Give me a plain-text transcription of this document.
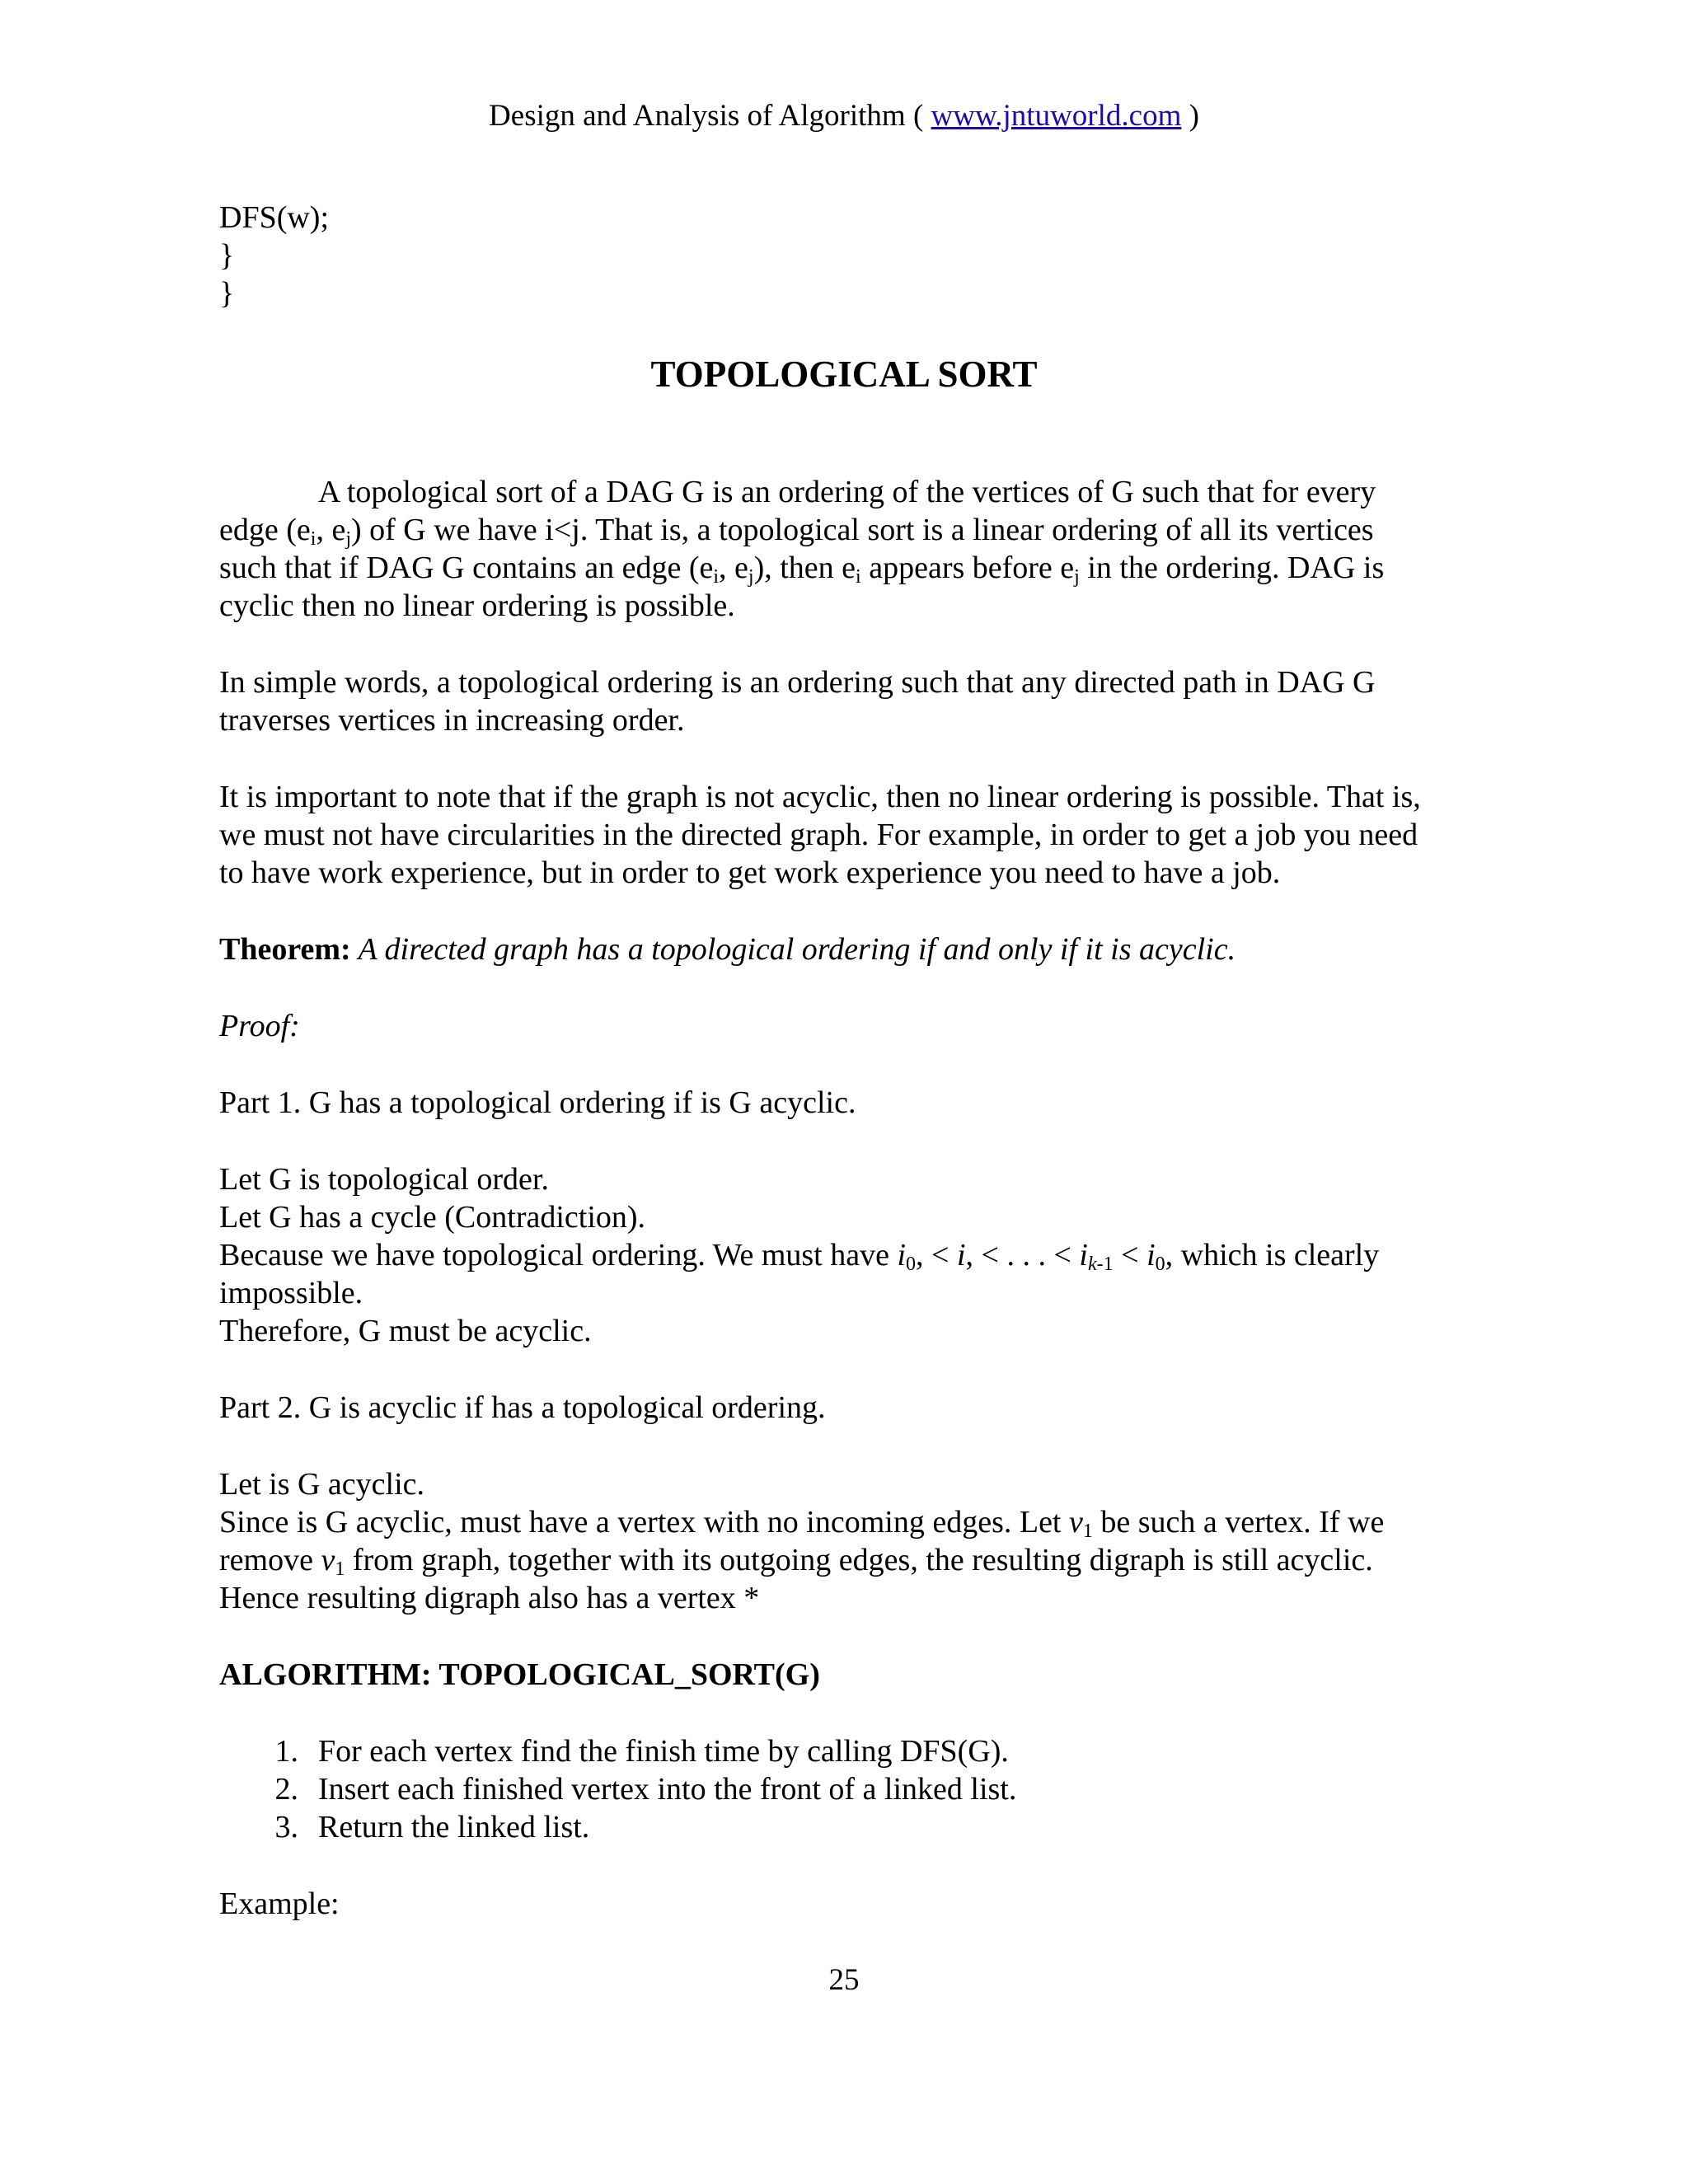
Design and Analysis of Algorithm ( www.jntuworld.com )
DFS(w);
}
}
TOPOLOGICAL SORT
A topological sort of a DAG G is an ordering of the vertices of G such that for every
edge ($e_i$, $e_j$) of G we have i<j. That is, a topological sort is a linear ordering of all its vertices
such that if DAG G contains an edge ($e_i$, $e_j$), then $e_i$ appears before $e_j$ in the ordering. DAG is
cyclic then no linear ordering is possible.
In simple words, a topological ordering is an ordering such that any directed path in DAG G
traverses vertices in increasing order.
It is important to note that if the graph is not acyclic, then no linear ordering is possible. That is,
we must not have circularities in the directed graph. For example, in order to get a job you need
to have work experience, but in order to get work experience you need to have a job.
Theorem: A directed graph has a topological ordering if and only if it is acyclic.
Proof:
Part 1. G has a topological ordering if is G acyclic.
Let G is topological order.
Let G has a cycle (Contradiction).
Because we have topological ordering. We must have $i_0$, < i, < . . . < $i_{k-1} < i_0$, which is clearly
impossible.
Therefore, G must be acyclic.
Part 2. G is acyclic if has a topological ordering.
Let is G acyclic.
Since is G acyclic, must have a vertex with no incoming edges. Let $v_1$ be such a vertex. If we
remove $v_1$ from graph, together with its outgoing edges, the resulting digraph is still acyclic.
Hence resulting digraph also has a vertex *
ALGORITHM: TOPOLOGICAL_SORT(G)
1. For each vertex find the finish time by calling DFS(G).
2. Insert each finished vertex into the front of a linked list.
3. Return the linked list.
Example:
25
